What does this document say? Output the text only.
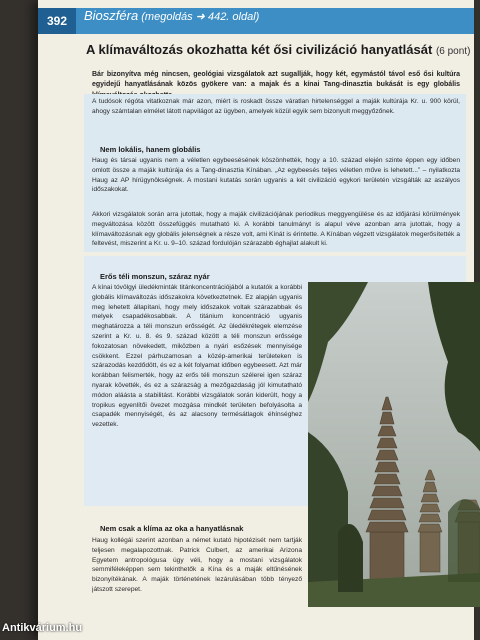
392	Bioszféra (megoldás ➜ 442. oldal)
A klímaváltozás okozhatta két ősi civilizáció hanyatlását (6 pont)
Bár bizonyítva még nincsen, geológiai vizsgálatok azt sugallják, hogy két, egymástól távol eső ősi kultúra egyidejű hanyatlásának közös gyökere van: a majak és a kínai Tang-dinasztia bukását is egy globális
A tudósok régóta vitatkoznak már azon, miért is roskadt össze váratlan hirtelenséggel a maják kultúrája Kr. u. 900 körül, ahogy számtalan elmélet látott napvilágot az ügyben, amelyek közül egyik sem bizonyult meggyőzőnek.
Nem lokális, hanem globális
Haug és társai ugyanis nem a véletlen egybeesésének köszönhették, hogy a 10. század elején szinte éppen egy időben omlott össze a maják kultúrája és a Tang-dinasztia Kínában. „Az egybeesés teljes véletlen műve is lehetett...” – nyilatkozta Haug az AP hírügynökségnek. A mostani kutatás során ugyanis a két civilizáció egykori területén vizsgálták az aszályos időszakokat.
Akkori vizsgálatok során arra jutottak, hogy a maják civilizációjának periodikus meggyengülése és az időjárási körülmények megváltozása között összefüggés mutatható ki. A korábbi tanulmányt is alapul véve azonban arra jutottak, hogy a klímaváltozásnak egy globális jelenségnek a része volt, ami Kínát is érintette. A Kínában végzett vizsgálatok megerősítették a feltevést, miszerint a Kr. u. 9–10. század fordulóján szárazabb éghajlat alakult ki.
Erős téli monszun, száraz nyár
A kínai tóvölgyi üledékminták titánkoncentrációjából a kutatók a korábbi globális klímaváltozás időszakokra következtetnek. Ez alapján ugyanis meg lehetett állapítani, hogy mely időszakok voltak szárazabbak és melyek csapadékosabbak. A titánium koncentráció ugyanis meghatározza a téli monszun erősségét. Az üledékrétegek elemzése szerint a Kr. u. 8. és 9. század között a téli monszun erőssége fokozatosan növekedett, miközben a nyári esőzések mennyisége csökkent. Ezzel párhuzamosan a közép-amerikai területeken is szárazodás kezdődött, és ez a két folyamat időben egybeesett. Azt már korábban felismerték, hogy az erős téli monszun szélerei igen száraz nyarak követték, és ez a szárazság a mezőgazdaság jól kimutatható módon aláásta a stabilitást. Korábbi vizsgálatok során kiderült, hogy a tropikus egyenlítői övezet mozgása mindkét területen befolyásolta a csapadék mennyiségét, és az alacsony termésátlagok éhínséghez vezettek.
Nem csak a klíma az oka a hanyatlásnak
Haug kollégái szerint azonban a német kutató hipotézisét nem tartják teljesen megalapozottnak. Patrick Culbert, az amerikai Arizona Egyetem antropológusa úgy véli, hogy a mostani vizsgálatok semmiféleképpen sem tekinthetők a Kína és a maják eltűnésének bizonyítékának. A maják történetének lezárulásában több tényező játszott szerepet.
Antikvárium.hu
